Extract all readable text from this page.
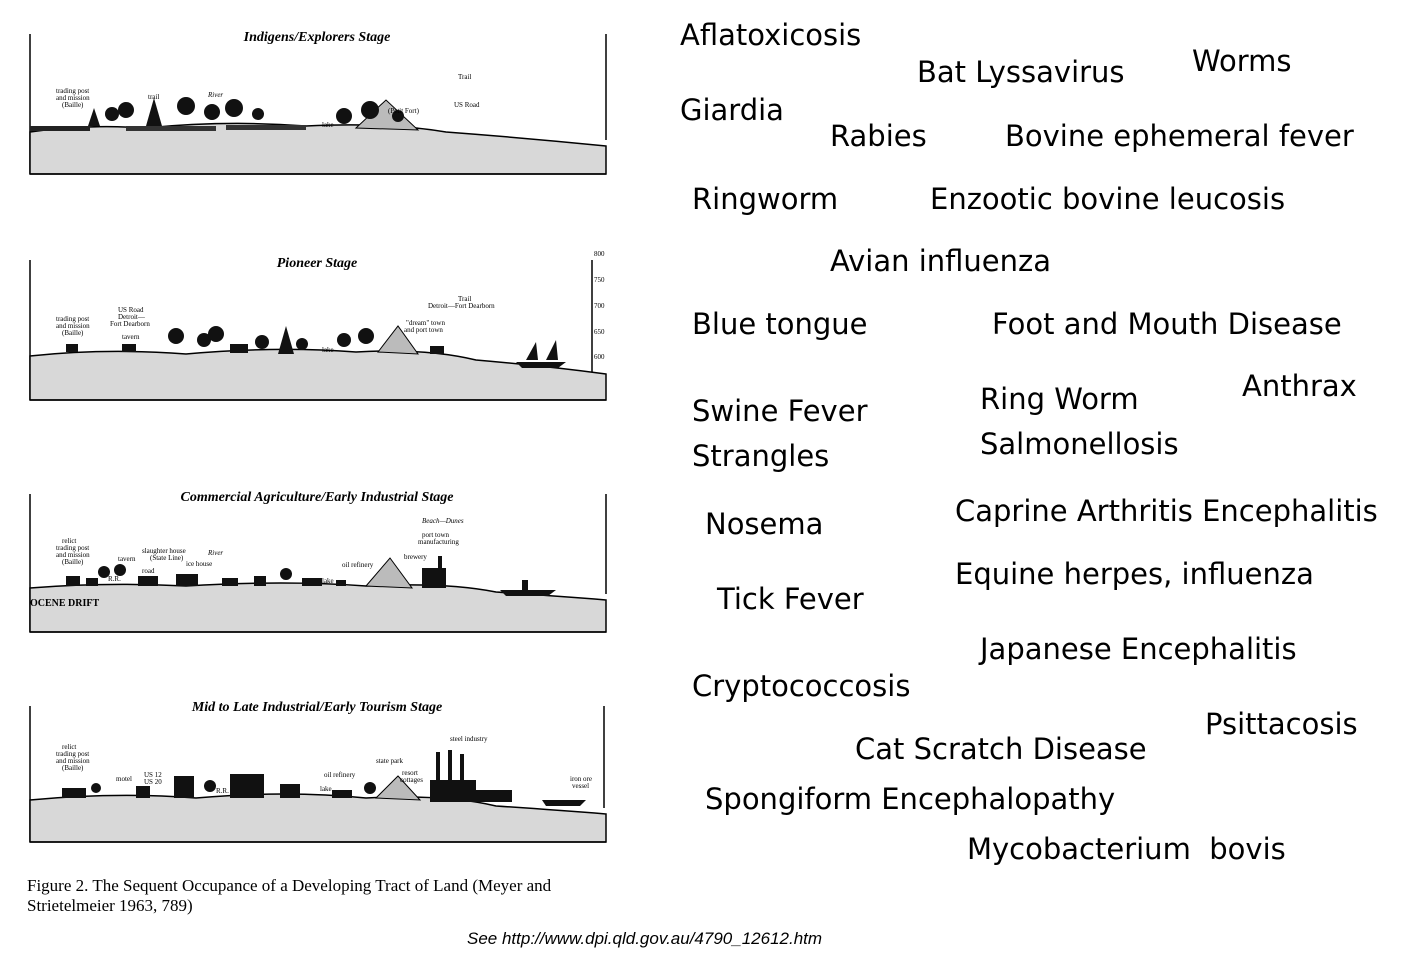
Indigens/Explorers Stage
trading post
and mission
(Baille)
trail	River
Trail
US Road
lake
(Petit Fort)
Pioneer Stage
trading post
and mission
(Baille)
US Road
Detroit—
Fort Dearborn
tavern
lake
"dream" town
and port town
Trail
Detroit—Fort Dearborn
800
750
700
650
600
Commercial Agriculture/Early Industrial Stage
relict
trading post
and mission
(Baille)	tavern
slaughter house
(State Line)
ice house
River
road
R.R.	lake
oil refinery
Beach—Dunes
port town
manufacturing
brewery
OCENE DRIFT
Mid to Late Industrial/Early Tourism Stage
relict
trading post
and mission
(Baille)
motel US 12
US 20
R.R.
oil refinery
lake
state park
resort
cottages
steel industry
iron ore
vessel
Figure 2. The Sequent Occupance of a Developing Tract of Land (Meyer and Strietelmeier 1963, 789)
See http://www.dpi.qld.gov.au/4790_12612.htm
Aflatoxicosis
Bat Lyssavirus Worms
Giardia
Rabies	Bovine ephemeral fever
Ringworm	Enzootic bovine leucosis
Avian influenza
Blue tongue	Foot and Mouth Disease
Anthrax
Ring Worm
Swine Fever
Salmonellosis
Strangles
Caprine Arthritis Encephalitis
Nosema
Equine herpes, influenza
Tick Fever
Japanese Encephalitis
Cryptococcosis
Psittacosis
Cat Scratch Disease
Spongiform Encephalopathy
Mycobacterium  bovis
